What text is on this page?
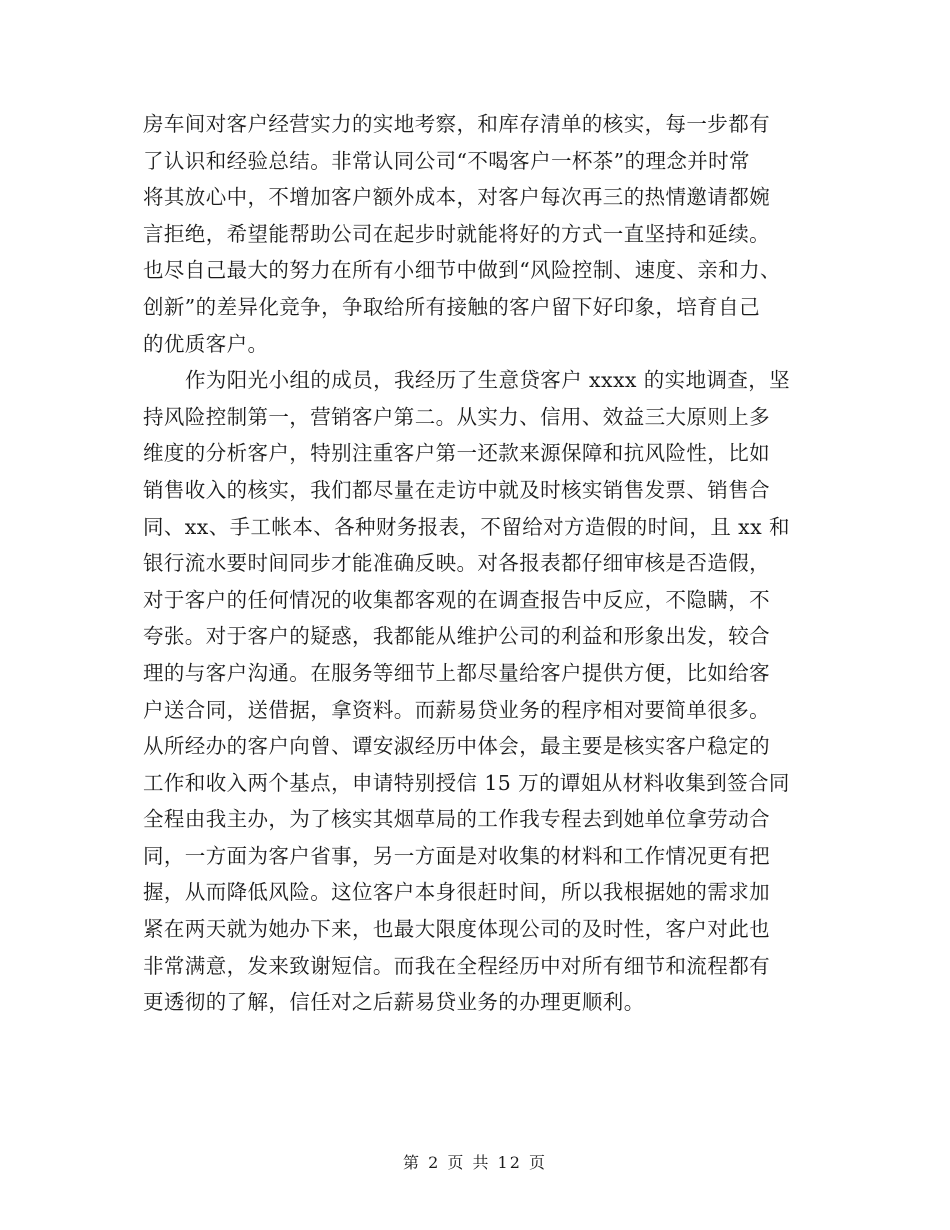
房车间对客户经营实力的实地考察，和库存清单的核实，每一步都有
了认识和经验总结。非常认同公司“不喝客户一杯茶”的理念并时常
将其放心中，不增加客户额外成本，对客户每次再三的热情邀请都婉
言拒绝，希望能帮助公司在起步时就能将好的方式一直坚持和延续。
也尽自己最大的努力在所有小细节中做到“风险控制、速度、亲和力、
创新”的差异化竞争，争取给所有接触的客户留下好印象，培育自己
的优质客户。
作为阳光小组的成员，我经历了生意贷客户 xxxx 的实地调查，坚
持风险控制第一，营销客户第二。从实力、信用、效益三大原则上多
维度的分析客户，特别注重客户第一还款来源保障和抗风险性，比如
销售收入的核实，我们都尽量在走访中就及时核实销售发票、销售合
同、xx、手工帐本、各种财务报表，不留给对方造假的时间，且 xx 和
银行流水要时间同步才能准确反映。对各报表都仔细审核是否造假，
对于客户的任何情况的收集都客观的在调查报告中反应，不隐瞒，不
夸张。对于客户的疑惑，我都能从维护公司的利益和形象出发，较合
理的与客户沟通。在服务等细节上都尽量给客户提供方便，比如给客
户送合同，送借据，拿资料。而薪易贷业务的程序相对要简单很多。
从所经办的客户向曾、谭安淑经历中体会，最主要是核实客户稳定的
工作和收入两个基点，申请特别授信 15 万的谭姐从材料收集到签合同
全程由我主办，为了核实其烟草局的工作我专程去到她单位拿劳动合
同，一方面为客户省事，另一方面是对收集的材料和工作情况更有把
握，从而降低风险。这位客户本身很赶时间，所以我根据她的需求加
紧在两天就为她办下来，也最大限度体现公司的及时性，客户对此也
非常满意，发来致谢短信。而我在全程经历中对所有细节和流程都有
更透彻的了解，信任对之后薪易贷业务的办理更顺利。
第 2 页 共 12 页
